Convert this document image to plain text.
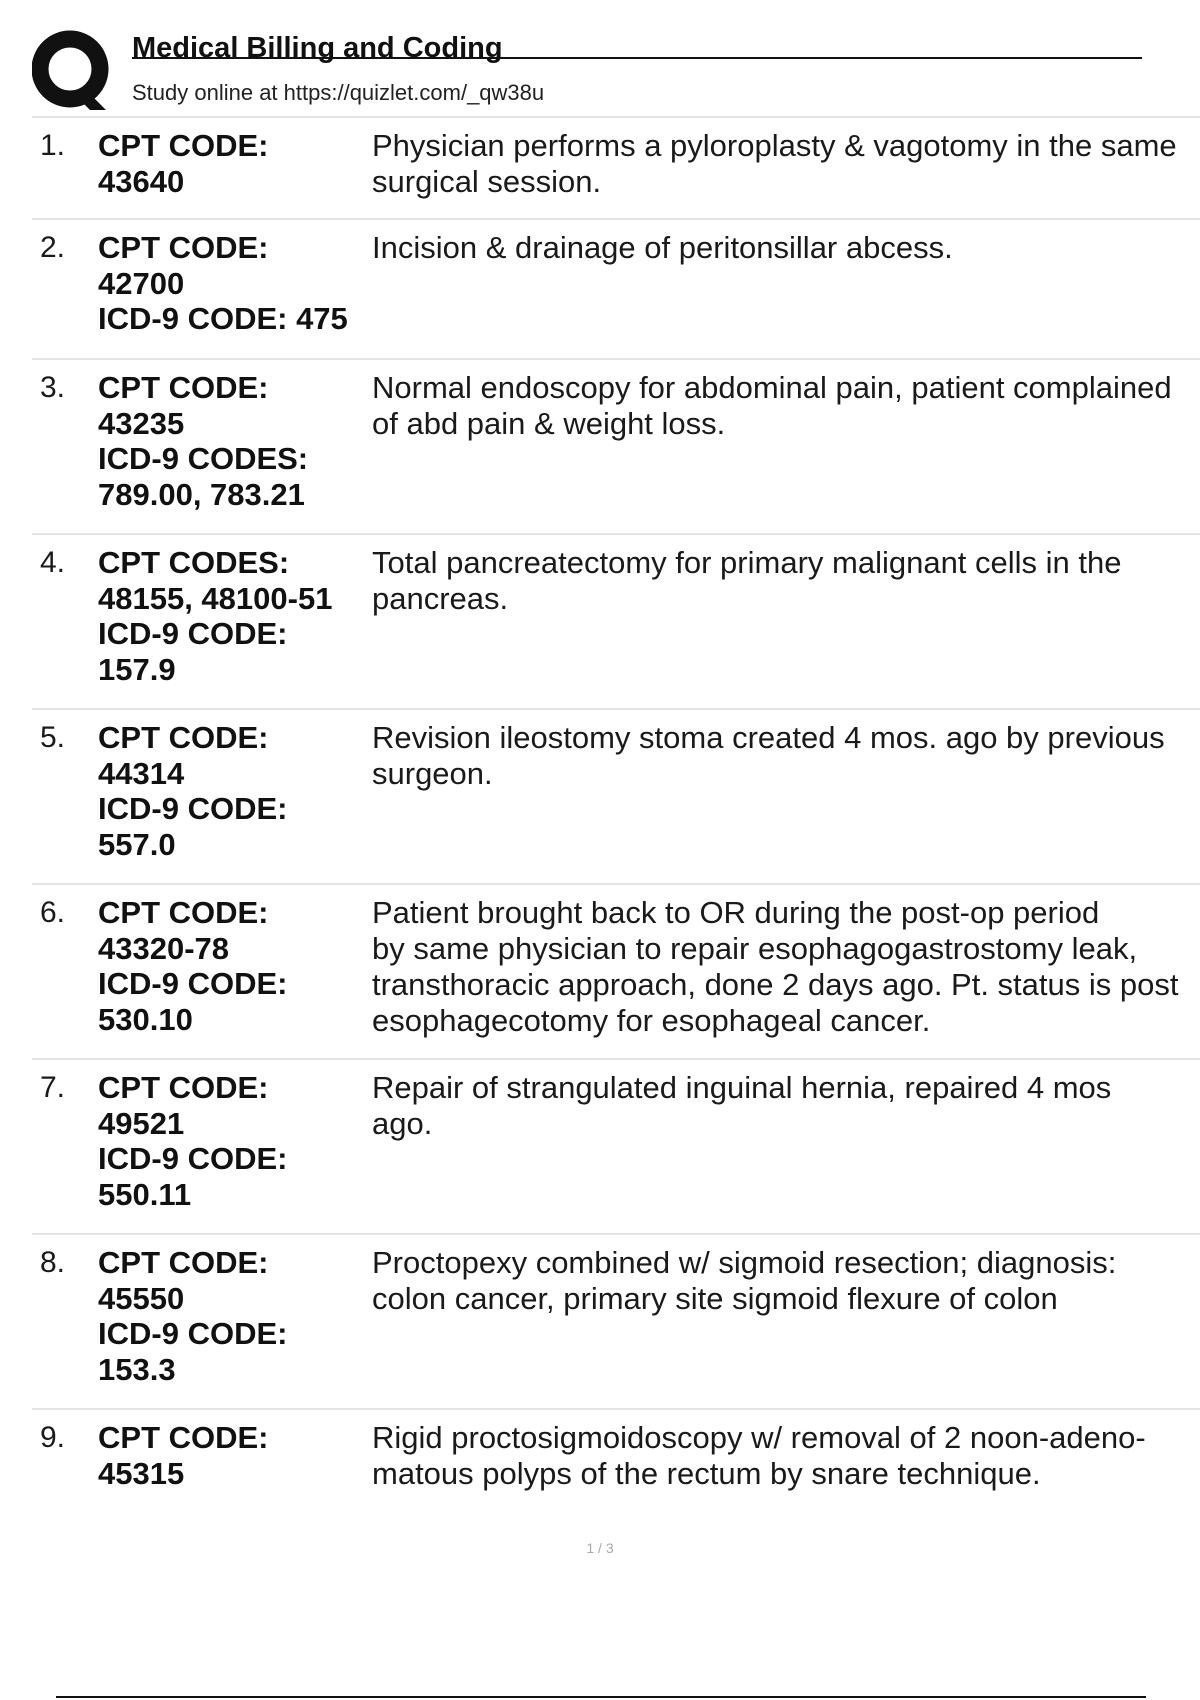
Medical Billing and Coding
Study online at https://quizlet.com/_qw38u
1. CPT CODE:
43640
Physician performs a pyloroplasty & vagotomy in the same
surgical session.
2. CPT CODE:
42700
ICD-9 CODE: 475
Incision & drainage of peritonsillar abcess.
3. CPT CODE:
43235
ICD-9 CODES:
789.00, 783.21
Normal endoscopy for abdominal pain, patient complained
of abd pain & weight loss.
4. CPT CODES:
48155, 48100-51
ICD-9 CODE:
157.9
Total pancreatectomy for primary malignant cells in the
pancreas.
5. CPT CODE:
44314
ICD-9 CODE:
557.0
Revision ileostomy stoma created 4 mos. ago by previous
surgeon.
6. CPT CODE:
43320-78
ICD-9 CODE:
530.10
Patient brought back to OR during the post-op period
by same physician to repair esophagogastrostomy leak,
transthoracic approach, done 2 days ago. Pt. status is post
esophagecotomy for esophageal cancer.
7. CPT CODE:
49521
ICD-9 CODE:
550.11
Repair of strangulated inguinal hernia, repaired 4 mos
ago.
8. CPT CODE:
45550
ICD-9 CODE:
153.3
Proctopexy combined w/ sigmoid resection; diagnosis:
colon cancer, primary site sigmoid flexure of colon
9. CPT CODE:
45315
Rigid proctosigmoidoscopy w/ removal of 2 noon-adeno-
matous polyps of the rectum by snare technique.
1 / 3
